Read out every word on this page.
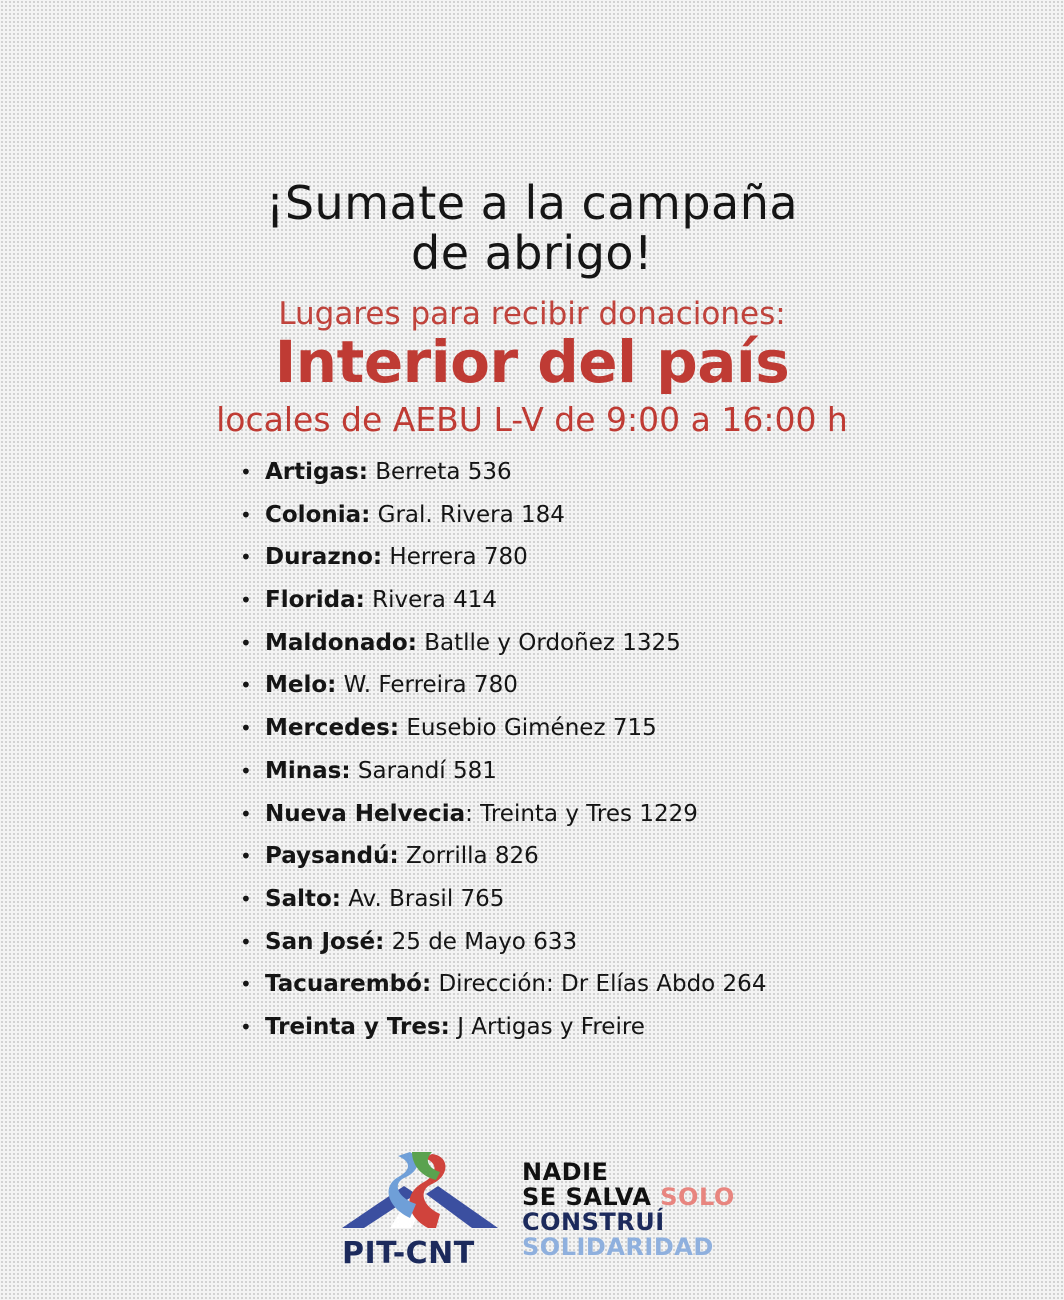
¡Sumate a la campaña
de abrigo!
Lugares para recibir donaciones:
Interior del país
locales de AEBU L-V de 9:00 a 16:00 h
• Artigas: Berreta 536
• Colonia: Gral. Rivera 184
• Durazno: Herrera 780
• Florida: Rivera 414
• Maldonado: Batlle y Ordoñez 1325
• Melo: W. Ferreira 780
• Mercedes: Eusebio Giménez 715
• Minas: Sarandí 581
• Nueva Helvecia: Treinta y Tres 1229
• Paysandú: Zorrilla 826
• Salto: Av. Brasil 765
• San José: 25 de Mayo 633
• Tacuarembó: Dirección: Dr Elías Abdo 264
• Treinta y Tres: J Artigas y Freire
PIT-CNT
NADIE
SE SALVA SOLO
CONSTRUÍ
SOLIDARIDAD
